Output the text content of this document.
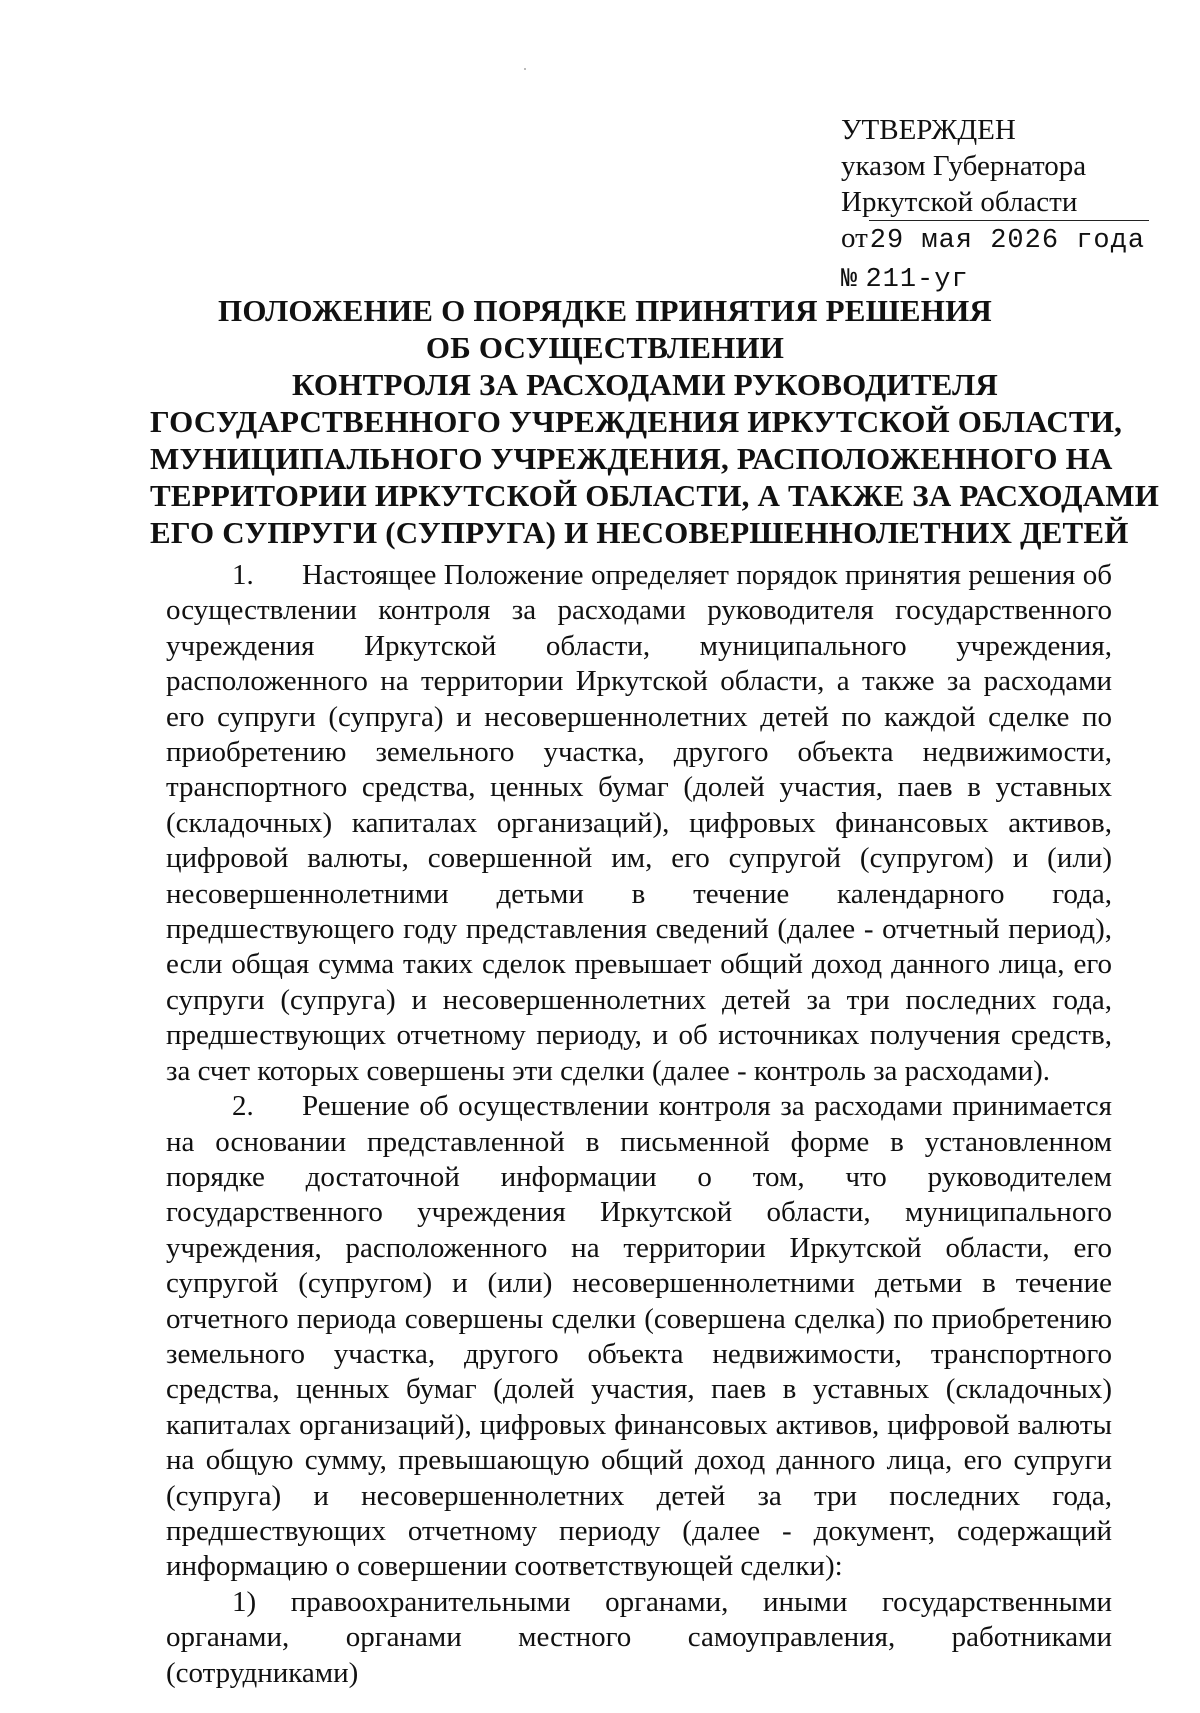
УТВЕРЖДЕН
указом Губернатора
Иркутской области
от29 мая 2026 года
№ 211-уг
ПОЛОЖЕНИЕ О ПОРЯДКЕ ПРИНЯТИЯ РЕШЕНИЯ
ОБ ОСУЩЕСТВЛЕНИИ
КОНТРОЛЯ ЗА РАСХОДАМИ РУКОВОДИТЕЛЯ
ГОСУДАРСТВЕННОГО УЧРЕЖДЕНИЯ ИРКУТСКОЙ ОБЛАСТИ,
МУНИЦИПАЛЬНОГО УЧРЕЖДЕНИЯ, РАСПОЛОЖЕННОГО НА
ТЕРРИТОРИИ ИРКУТСКОЙ ОБЛАСТИ, А ТАКЖЕ ЗА РАСХОДАМИ
ЕГО СУПРУГИ (СУПРУГА) И НЕСОВЕРШЕННОЛЕТНИХ ДЕТЕЙ

1. Настоящее Положение определяет порядок принятия решения об осуществлении контроля за расходами руководителя государственного учреждения Иркутской области, муниципального учреждения, расположенного на территории Иркутской области, а также за расходами его супруги (супруга) и несовершеннолетних детей по каждой сделке по приобретению земельного участка, другого объекта недвижимости, транспортного средства, ценных бумаг (долей участия, паев в уставных (складочных) капиталах организаций), цифровых финансовых активов, цифровой валюты, совершенной им, его супругой (супругом) и (или) несовершеннолетними детьми в течение календарного года, предшествующего году представления сведений (далее - отчетный период), если общая сумма таких сделок превышает общий доход данного лица, его супруги (супруга) и несовершеннолетних детей за три последних года, предшествующих отчетному периоду, и об источниках получения средств, за счет которых совершены эти сделки (далее - контроль за расходами).

2. Решение об осуществлении контроля за расходами принимается на основании представленной в письменной форме в установленном порядке достаточной информации о том, что руководителем государственного учреждения Иркутской области, муниципального учреждения, расположенного на территории Иркутской области, его супругой (супругом) и (или) несовершеннолетними детьми в течение отчетного периода совершены сделки (совершена сделка) по приобретению земельного участка, другого объекта недвижимости, транспортного средства, ценных бумаг (долей участия, паев в уставных (складочных) капиталах организаций), цифровых финансовых активов, цифровой валюты на общую сумму, превышающую общий доход данного лица, его супруги (супруга) и несовершеннолетних детей за три последних года, предшествующих отчетному периоду (далее - документ, содержащий информацию о совершении соответствующей сделки):

1) правоохранительными органами, иными государственными органами, органами местного самоуправления, работниками (сотрудниками)
